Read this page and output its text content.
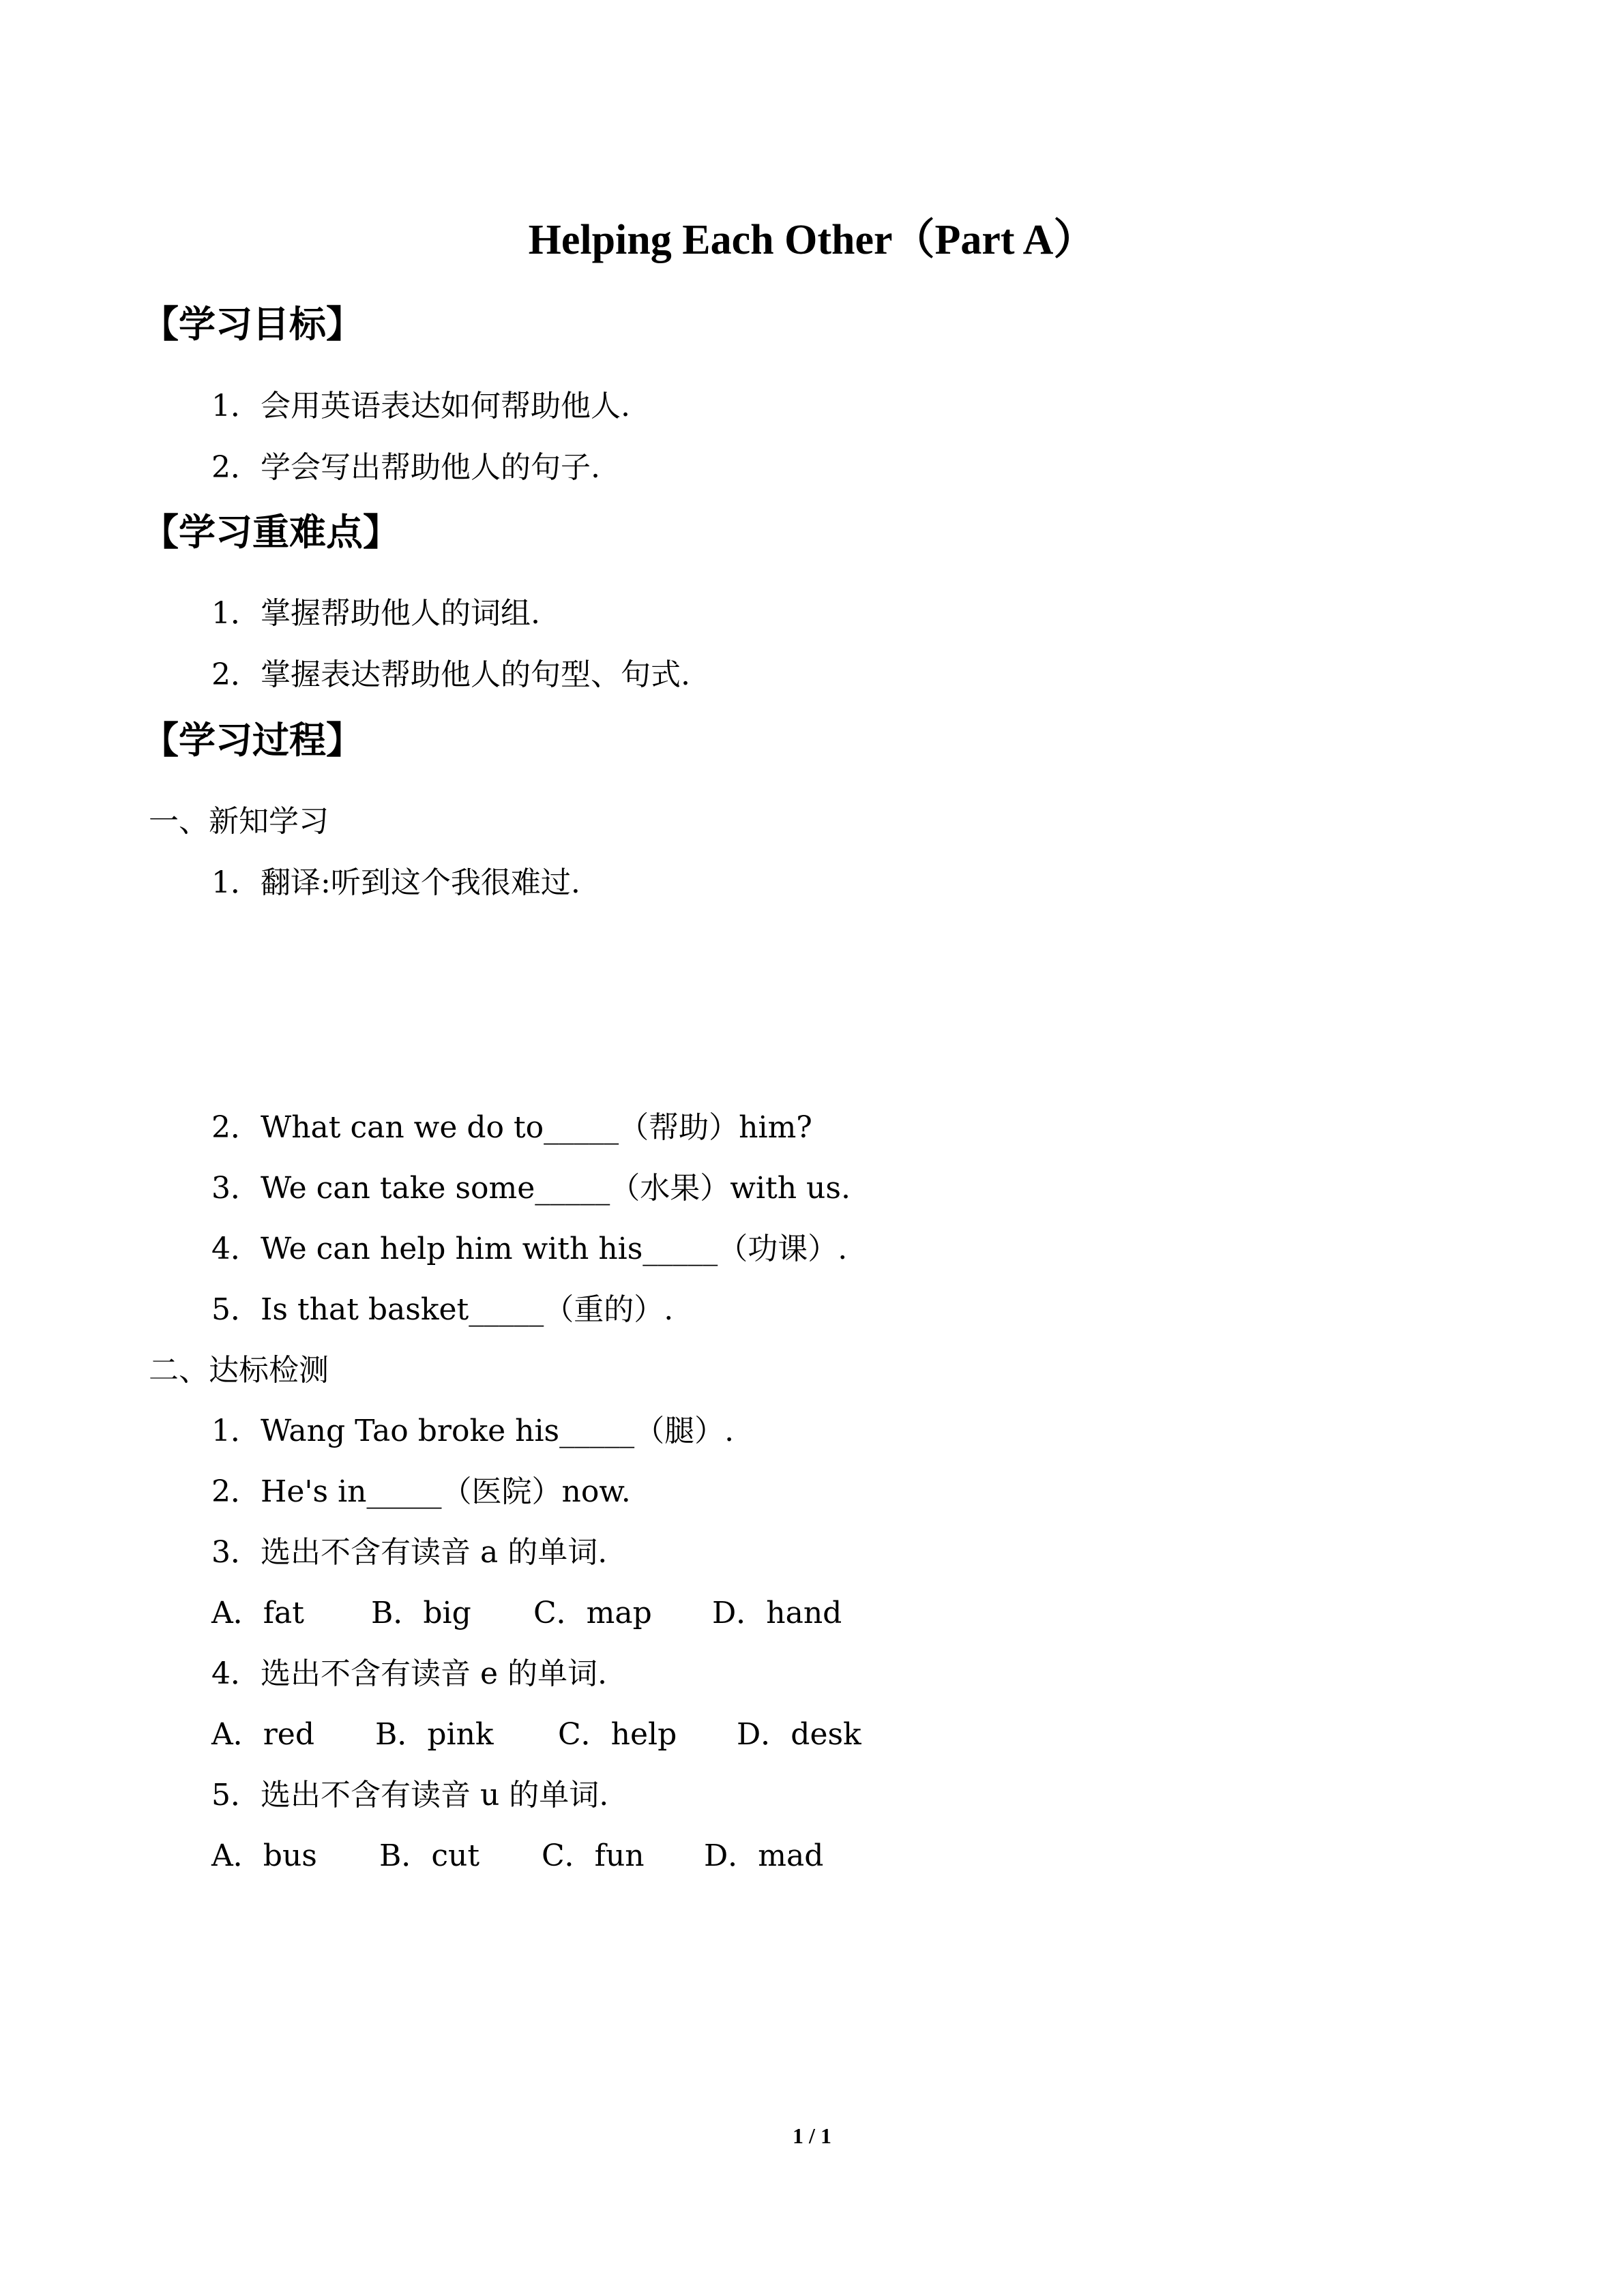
Helping Each Other（Part A）
【学习目标】
1．会用英语表达如何帮助他人.
2．学会写出帮助他人的句子.
【学习重难点】
1．掌握帮助他人的词组.
2．掌握表达帮助他人的句型、句式.
【学习过程】
一、新知学习
1．翻译:听到这个我很难过.
2．What can we do to_____（帮助）him?
3．We can take some_____（水果）with us.
4．We can help him with his_____（功课）.
5．Is that basket_____（重的）.
二、达标检测
1．Wang Tao broke his_____（腿）.
2．He's in_____（医院）now.
3．选出不含有读音 a 的单词.
A．fat B．big C．map D．hand
4．选出不含有读音 e 的单词.
A．red B．pink C．help D．desk
5．选出不含有读音 u 的单词.
A．bus B．cut C．fun D．mad
1 / 1
